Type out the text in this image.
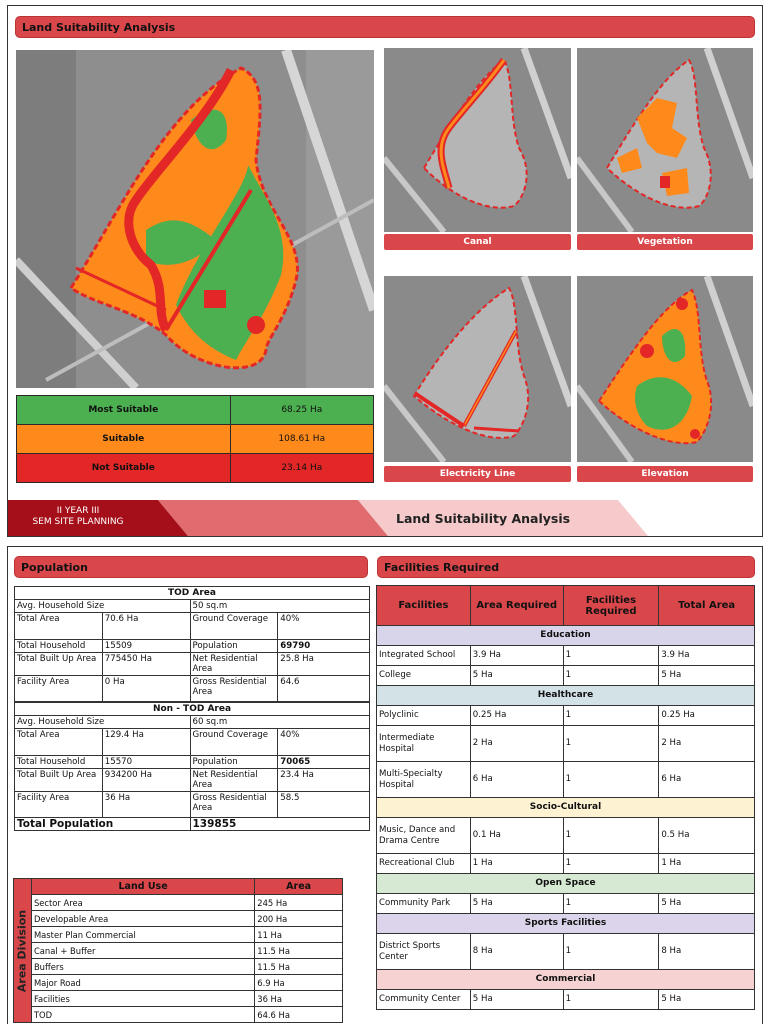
Land Suitability Analysis
Most Suitable	68.25 Ha
Suitable	108.61 Ha
Not Suitable	23.14 Ha
Canal	Vegetation
Electricity Line	Elevation
II YEAR III
SEM SITE PLANNING	Land Suitability Analysis
Population	Facilities Required
TOD Area			
Avg. Household Size		50 sq.m	
Total Area	70.6 Ha	Ground Coverage	40%
Total Household	15509	Population	69790
Total Built Up Area	775450 Ha	Net Residential Area	25.8 Ha
Facility Area	0 Ha	Gross Residential Area	64.6
Non - TOD Area			
Avg. Household Size		60 sq.m	
Total Area	129.4 Ha	Ground Coverage	40%
Total Household	15570	Population	70065
Total Built Up Area	934200 Ha	Net Residential Area	23.4 Ha
Facility Area	36 Ha	Gross Residential Area	58.5
Total Population		139855	
Area Division	Land Use	Area
	Sector Area	245 Ha
	Developable Area	200 Ha
	Master Plan Commercial	11 Ha
	Canal + Buffer	11.5 Ha
	Buffers	11.5 Ha
	Major Road	6.9 Ha
	Facilities	36 Ha
	TOD	64.6 Ha
Facilities	Area Required	Facilities Required	Total Area
Education			
Integrated School	3.9 Ha	1	3.9 Ha
College	5 Ha	1	5 Ha
Healthcare			
Polyclinic	0.25 Ha	1	0.25 Ha
Intermediate Hospital	2 Ha	1	2 Ha
Multi-Specialty Hospital	6 Ha	1	6 Ha
Socio-Cultural			
Music, Dance and Drama Centre	0.1 Ha	1	0.5 Ha
Recreational Club	1 Ha	1	1 Ha
Open Space			
Community Park	5 Ha	1	5 Ha
Sports Facilities			
District Sports Center	8 Ha	1	8 Ha
Commercial			
Community Center	5 Ha	1	5 Ha
